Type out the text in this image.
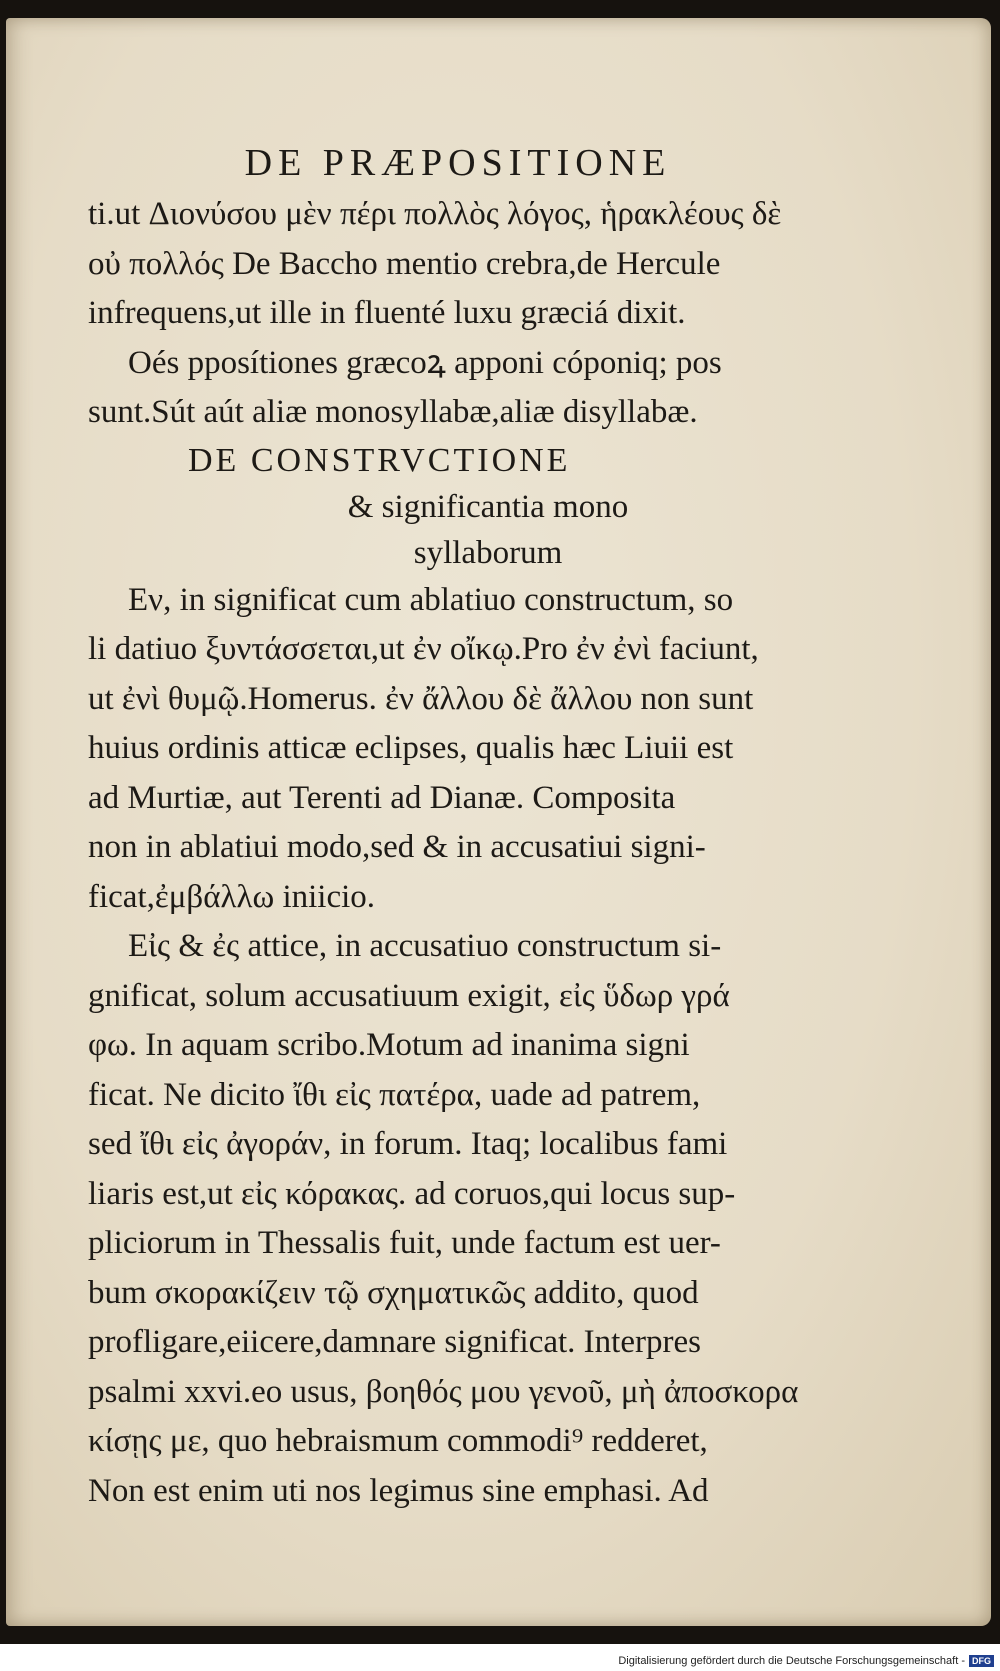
DE PRÆPOSITIONE
ti.ut Διονύσου μὲν πέρι πολλὸς λόγος, ἡρακλέους δὲ
οὐ πολλός De Baccho mentio crebra,de Hercule
infrequens,ut ille in fluenté luxu græciá dixit.
Oés pposítiones græcoꝝ apponi cóponiq; pos
sunt.Sút aút aliæ monosyllabæ,aliæ disyllabæ.
DE CONSTRVCTIONE
& significantia mono
syllaborum
Εν, in significat cum ablatiuo constructum, so
li datiuo ξυντάσσεται,ut ἐν οἴκῳ.Pro ἐν ἐνὶ faciunt,
ut ἐνὶ θυμῷ.Homerus. ἐν ἄλλου δὲ ἄλλου non sunt
huius ordinis atticæ eclipses, qualis hæc Liuii est
ad Murtiæ, aut Terenti ad Dianæ. Composita
non in ablatiui modo,sed & in accusatiui signi-
ficat,ἐμβάλλω iniicio.
Εἰς & ἐς attice, in accusatiuo constructum si-
gnificat, solum accusatiuum exigit, εἰς ὕδωρ γρά
φω. In aquam scribo.Motum ad inanima signi
ficat. Ne dicito ἴθι εἰς πατέρα, uade ad patrem,
sed ἴθι εἰς ἀγοράν, in forum. Itaq; localibus fami
liaris est,ut εἰς κόρακας. ad coruos,qui locus sup-
pliciorum in Thessalis fuit, unde factum est uer-
bum σκορακίζειν τῷ σχηματικῶς addito, quod
profligare,eiicere,damnare significat. Interpres
psalmi xxvi.eo usus, βοηθός μου γενοῦ, μὴ ἀποσκορα
κίσῃς με, quo hebraismum commodi⁹ redderet,
Non est enim uti nos legimus sine emphasi. Ad
Digitalisierung gefördert durch die Deutsche Forschungsgemeinschaft - DFG
